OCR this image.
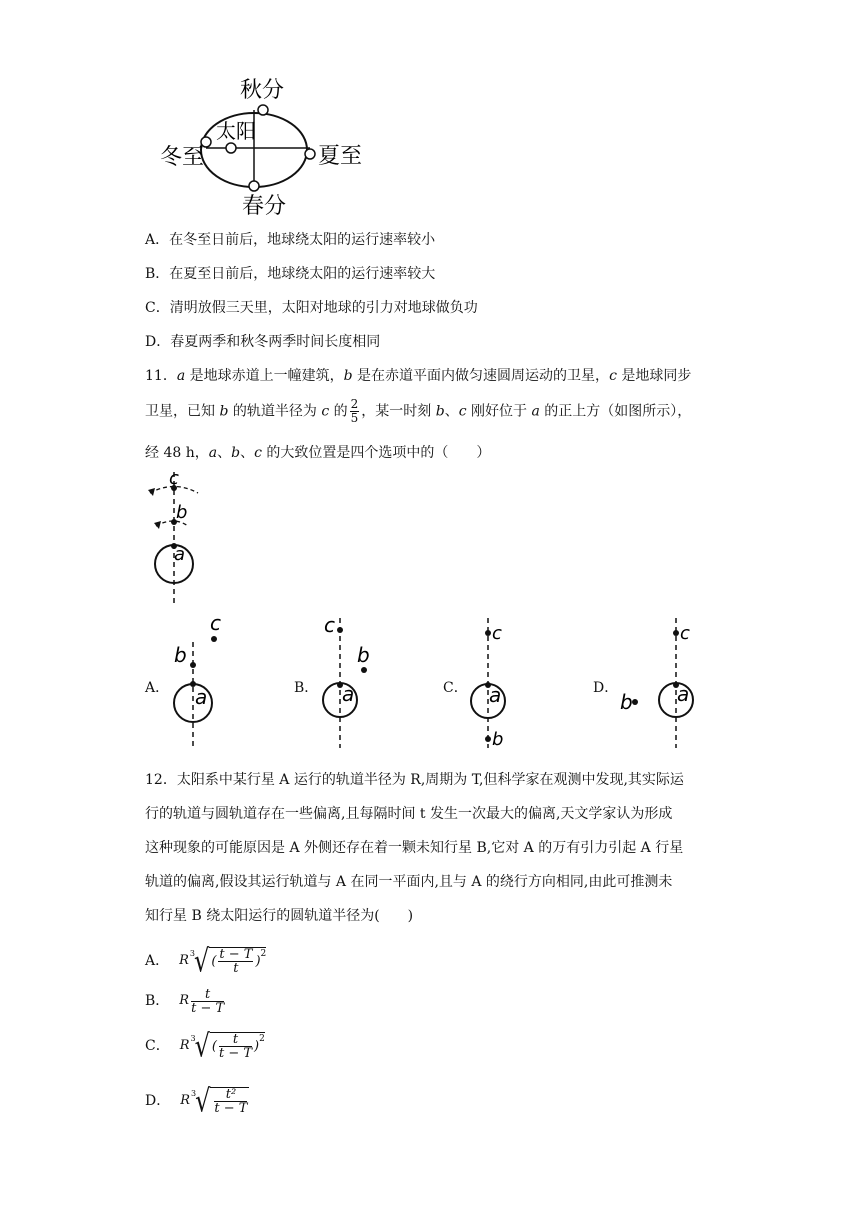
秋分
太阳
冬至	夏至
春分
A．在冬至日前后，地球绕太阳的运行速率较小
B．在夏至日前后，地球绕太阳的运行速率较大
C．清明放假三天里，太阳对地球的引力对地球做负功
D．春夏两季和秋冬两季时间长度相同
11．a 是地球赤道上一幢建筑，b 是在赤道平面内做匀速圆周运动的卫星，c 是地球同步
卫星，已知 b 的轨道半径为 c 的 $\frac{2}{5}$ ，某一时刻 b、c 刚好位于 a 的正上方（如图所示），
经 48 h，a、b、c 的大致位置是四个选项中的（　　）
c
b
a
A．
c
b
a	B．
c
b
a	C．
c
a
b
D．
c
b a
12．太阳系中某行星 A 运行的轨道半径为 R,周期为 T,但科学家在观测中发现,其实际运
行的轨道与圆轨道存在一些偏离,且每隔时间 t 发生一次最大的偏离,天文学家认为形成
这种现象的可能原因是 A 外侧还存在着一颗未知行星 B,它对 A 的万有引力引起 A 行星
轨道的偏离,假设其运行轨道与 A 在同一平面内,且与 A 的绕行方向相同,由此可推测未
知行星 B 绕太阳运行的圆轨道半径为(　　)
A． R 3 √ ( $\frac{t - T}{t}$ ) 2
B． R $\frac{t}{t - T}$
C． R 3 √ ( $\frac{t}{t - T}$ ) 2
D． R 3 √ $\frac{\text{t²}}{t - T}$
